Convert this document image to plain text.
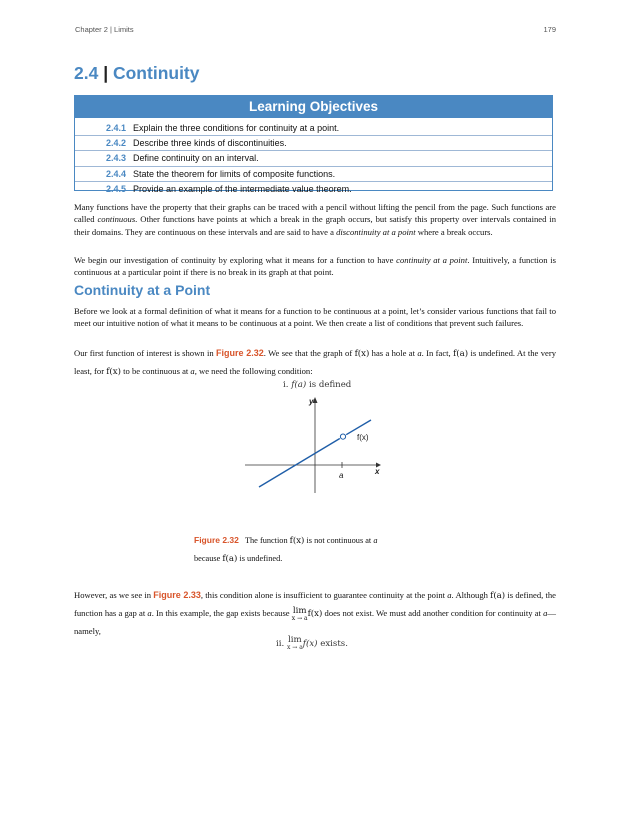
Chapter 2 | Limits	179
2.4 | Continuity
Learning Objectives
2.4.1 Explain the three conditions for continuity at a point.
2.4.2 Describe three kinds of discontinuities.
2.4.3 Define continuity on an interval.
2.4.4 State the theorem for limits of composite functions.
2.4.5 Provide an example of the intermediate value theorem.

Many functions have the property that their graphs can be traced with a pencil without lifting the pencil from the page. Such functions are called continuous. Other functions have points at which a break in the graph occurs, but satisfy this property over intervals contained in their domains. They are continuous on these intervals and are said to have a discontinuity at a point where a break occurs.

We begin our investigation of continuity by exploring what it means for a function to have continuity at a point. Intuitively, a function is continuous at a particular point if there is no break in its graph at that point.

Continuity at a Point

Before we look at a formal definition of what it means for a function to be continuous at a point, let’s consider various functions that fail to meet our intuitive notion of what it means to be continuous at a point. We then create a list of conditions that prevent such failures.

Our first function of interest is shown in Figure 2.32. We see that the graph of f(x) has a hole at a. In fact, f(a) is undefined. At the very least, for f(x) to be continuous at a, we need the following condition:

i. f(a) is defined
y
x
a
f(x)

Figure 2.32 The function f(x) is not continuous at a
because f(a) is undefined.

However, as we see in Figure 2.33, this condition alone is insufficient to guarantee continuity at the point a. Although f(a) is defined, the function has a gap at a. In this example, the gap exists because lim
x → a f(x) does not exist. We must add another condition for continuity at a—namely,

ii. lim
x → a f(x) exists.
